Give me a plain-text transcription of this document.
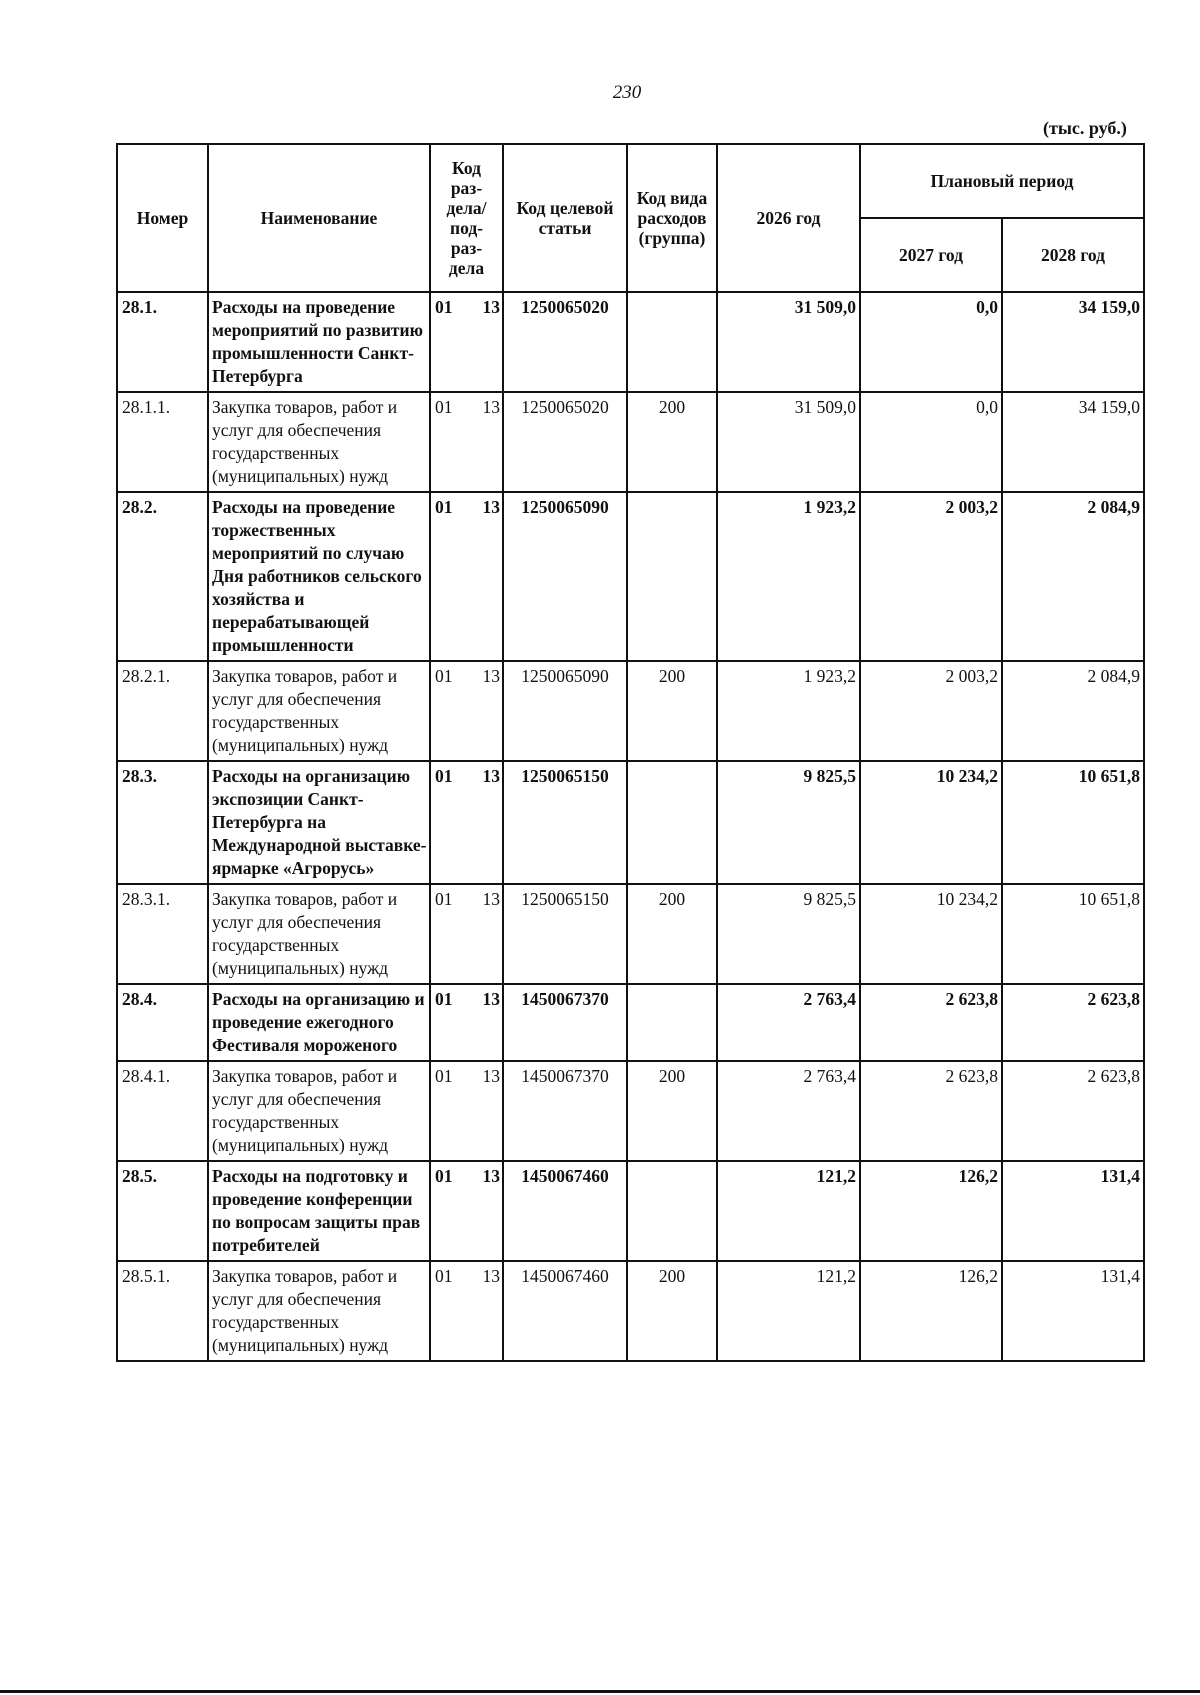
230
(тыс. руб.)
Номер	Наименование	Код раз-дела/ под-раз-дела	Код целевой статьи	Код вида расходов (группа)	2026 год	Плановый период	
						2027 год	2028 год
28.1.	Расходы на проведение мероприятий по развитию промышленности Санкт-Петербурга	01 13	1250065020		31 509,0	0,0	34 159,0
28.1.1.	Закупка товаров, работ и услуг для обеспечения государственных (муниципальных) нужд	01 13	1250065020	200	31 509,0	0,0	34 159,0
28.2.	Расходы на проведение торжественных мероприятий по случаю Дня работников сельского хозяйства и перерабатывающей промышленности	01 13	1250065090		1 923,2	2 003,2	2 084,9
28.2.1.	Закупка товаров, работ и услуг для обеспечения государственных (муниципальных) нужд	01 13	1250065090	200	1 923,2	2 003,2	2 084,9
28.3.	Расходы на организацию экспозиции Санкт-Петербурга на Международной выставке-ярмарке «Агрорусь»	01 13	1250065150		9 825,5	10 234,2	10 651,8
28.3.1.	Закупка товаров, работ и услуг для обеспечения государственных (муниципальных) нужд	01 13	1250065150	200	9 825,5	10 234,2	10 651,8
28.4.	Расходы на организацию и проведение ежегодного Фестиваля мороженого	01 13	1450067370		2 763,4	2 623,8	2 623,8
28.4.1.	Закупка товаров, работ и услуг для обеспечения государственных (муниципальных) нужд	01 13	1450067370	200	2 763,4	2 623,8	2 623,8
28.5.	Расходы на подготовку и проведение конференции по вопросам защиты прав потребителей	01 13	1450067460		121,2	126,2	131,4
28.5.1.	Закупка товаров, работ и услуг для обеспечения государственных (муниципальных) нужд	01 13	1450067460	200	121,2	126,2	131,4
